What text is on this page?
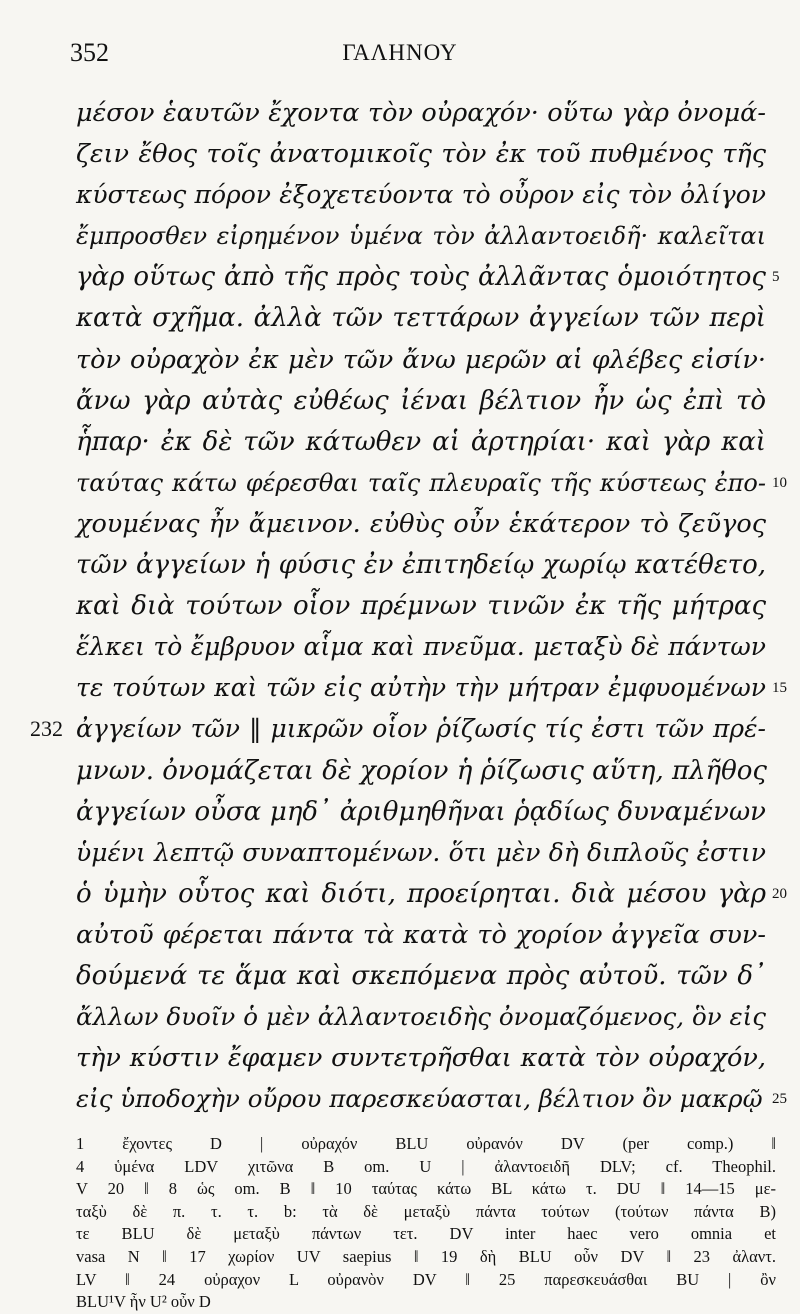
352	ΓΑΛΗΝΟΥ
μέσον ἑαυτῶν ἔχοντα τὸν οὐραχόν· οὕτω γὰρ ὀνομά-
ζειν ἔθος τοῖς ἀνατομικοῖς τὸν ἐκ τοῦ πυθμένος τῆς
κύστεως πόρον ἐξοχετεύοντα τὸ οὖρον εἰς τὸν ὀλίγον
ἔμπροσθεν εἰρημένον ὑμένα τὸν ἀλλαντοειδῆ· καλεῖται
γὰρ οὕτως ἀπὸ τῆς πρὸς τοὺς ἀλλᾶντας ὁμοιότητος 5
κατὰ σχῆμα. ἀλλὰ τῶν τεττάρων ἀγγείων τῶν περὶ
τὸν οὐραχὸν ἐκ μὲν τῶν ἄνω μερῶν αἱ φλέβες εἰσίν·
ἄνω γὰρ αὐτὰς εὐθέως ἰέναι βέλτιον ἦν ὡς ἐπὶ τὸ
ἧπαρ· ἐκ δὲ τῶν κάτωθεν αἱ ἀρτηρίαι· καὶ γὰρ καὶ
ταύτας κάτω φέρεσθαι ταῖς πλευραῖς τῆς κύστεως ἐπο- 10
χουμένας ἦν ἄμεινον. εὐθὺς οὖν ἑκάτερον τὸ ζεῦγος
τῶν ἀγγείων ἡ φύσις ἐν ἐπιτηδείῳ χωρίῳ κατέθετο,
καὶ διὰ τούτων οἷον πρέμνων τινῶν ἐκ τῆς μήτρας
ἕλκει τὸ ἔμβρυον αἷμα καὶ πνεῦμα. μεταξὺ δὲ πάντων
τε τούτων καὶ τῶν εἰς αὐτὴν τὴν μήτραν ἐμφυομένων 15
232 ἀγγείων τῶν ‖ μικρῶν οἷον ῥίζωσίς τίς ἐστι τῶν πρέ-
μνων. ὀνομάζεται δὲ χορίον ἡ ῥίζωσις αὕτη, πλῆθος
ἀγγείων οὖσα μηδ᾽ ἀριθμηθῆναι ῥᾳδίως δυναμένων
ὑμένι λεπτῷ συναπτομένων. ὅτι μὲν δὴ διπλοῦς ἐστιν
ὁ ὑμὴν οὗτος καὶ διότι, προείρηται. διὰ μέσου γὰρ 20
αὐτοῦ φέρεται πάντα τὰ κατὰ τὸ χορίον ἀγγεῖα συν-
δούμενά τε ἅμα καὶ σκεπόμενα πρὸς αὐτοῦ. τῶν δ᾽
ἄλλων δυοῖν ὁ μὲν ἀλλαντοειδὴς ὀνομαζόμενος, ὃν εἰς
τὴν κύστιν ἔφαμεν συντετρῆσθαι κατὰ τὸν οὐραχόν,
εἰς ὑποδοχὴν οὔρου παρεσκεύασται, βέλτιον ὂν μακρῷ 25
1 ἔχοντες D | οὐραχόν BLU οὐρανόν DV (per comp.) ‖
4 ὑμένα LDV χιτῶνα B om. U | ἀλαντοειδῆ DLV; cf. Theophil.
V 20 ‖ 8 ὡς om. B ‖ 10 ταύτας κάτω BL κάτω τ. DU ‖ 14—15 με-
ταξὺ δὲ π. τ. τ. b: τὰ δὲ μεταξὺ πάντα τούτων (τούτων πάντα B)
τε BLU δὲ μεταξὺ πάντων τετ. DV inter haec vero omnia et
vasa N ‖ 17 χωρίον UV saepius ‖ 19 δὴ BLU οὖν DV ‖ 23 ἀλαντ.
LV ‖ 24 οὐραχον L οὐρανὸν DV ‖ 25 παρεσκευάσθαι BU | ὂν
BLU¹V ἦν U² οὖν D
